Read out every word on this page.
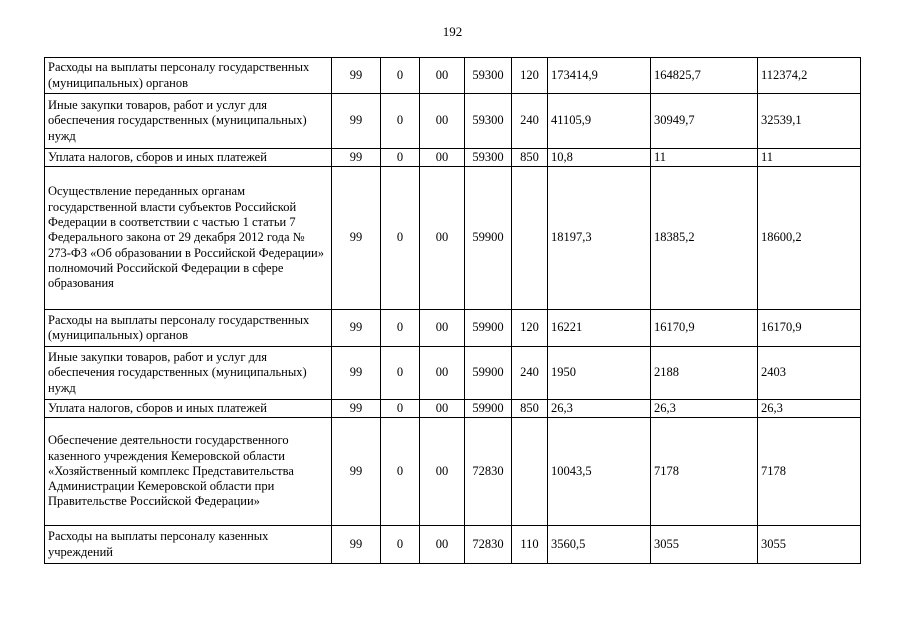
192
Расходы на выплаты персоналу государственных (муниципальных) органов	99	0	00	59300	120	173414,9	164825,7	112374,2
Иные закупки товаров, работ и услуг для обеспечения государственных (муниципальных) нужд	99	0	00	59300	240	41105,9	30949,7	32539,1
Уплата налогов, сборов и иных платежей	99	0	00	59300	850	10,8	11	11
Осуществление переданных органам государственной власти субъектов Российской Федерации в соответствии с частью 1 статьи 7 Федерального закона от 29 декабря 2012 года № 273-ФЗ «Об образовании в Российской Федерации» полномочий Российской Федерации в сфере образования	99	0	00	59900		18197,3	18385,2	18600,2
Расходы на выплаты персоналу государственных (муниципальных) органов	99	0	00	59900	120	16221	16170,9	16170,9
Иные закупки товаров, работ и услуг для обеспечения государственных (муниципальных) нужд	99	0	00	59900	240	1950	2188	2403
Уплата налогов, сборов и иных платежей	99	0	00	59900	850	26,3	26,3	26,3
Обеспечение деятельности государственного казенного учреждения Кемеровской области «Хозяйственный комплекс Представительства Администрации Кемеровской области при Правительстве Российской Федерации»	99	0	00	72830		10043,5	7178	7178
Расходы на выплаты персоналу казенных учреждений	99	0	00	72830	110	3560,5	3055	3055
